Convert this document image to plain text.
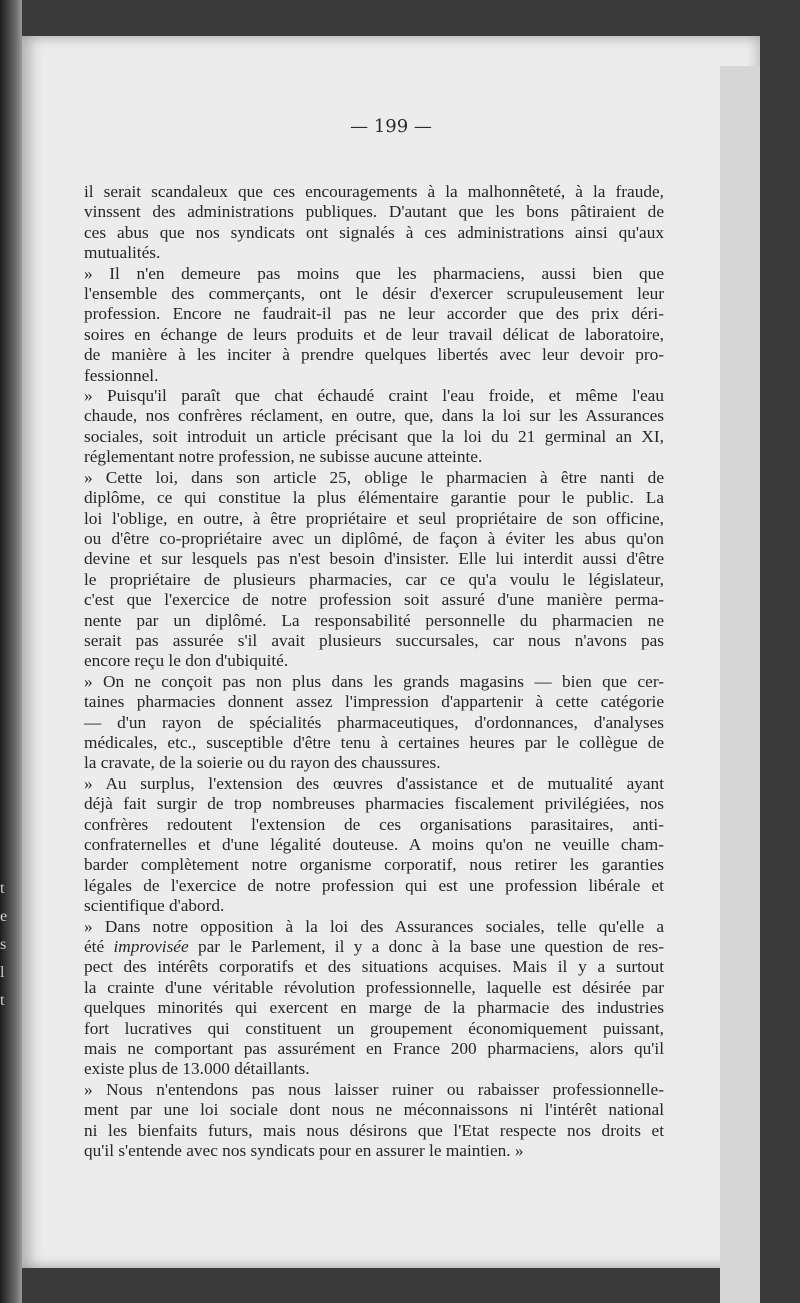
— 199 —

il serait scandaleux que ces encouragements à la malhonnêteté, à la fraude,
vinssent des administrations publiques. D'autant que les bons pâtiraient de
ces abus que nos syndicats ont signalés à ces administrations ainsi qu'aux
mutualités.
» Il n'en demeure pas moins que les pharmaciens, aussi bien que
l'ensemble des commerçants, ont le désir d'exercer scrupuleusement leur
profession. Encore ne faudrait-il pas ne leur accorder que des prix déri-
soires en échange de leurs produits et de leur travail délicat de laboratoire,
de manière à les inciter à prendre quelques libertés avec leur devoir pro-
fessionnel.
» Puisqu'il paraît que chat échaudé craint l'eau froide, et même l'eau
chaude, nos confrères réclament, en outre, que, dans la loi sur les Assurances
sociales, soit introduit un article précisant que la loi du 21 germinal an XI,
réglementant notre profession, ne subisse aucune atteinte.
» Cette loi, dans son article 25, oblige le pharmacien à être nanti de
diplôme, ce qui constitue la plus élémentaire garantie pour le public. La
loi l'oblige, en outre, à être propriétaire et seul propriétaire de son officine,
ou d'être co-propriétaire avec un diplômé, de façon à éviter les abus qu'on
devine et sur lesquels pas n'est besoin d'insister. Elle lui interdit aussi d'être
le propriétaire de plusieurs pharmacies, car ce qu'a voulu le législateur,
c'est que l'exercice de notre profession soit assuré d'une manière perma-
nente par un diplômé. La responsabilité personnelle du pharmacien ne
serait pas assurée s'il avait plusieurs succursales, car nous n'avons pas
encore reçu le don d'ubiquité.
» On ne conçoit pas non plus dans les grands magasins — bien que cer-
taines pharmacies donnent assez l'impression d'appartenir à cette catégorie
— d'un rayon de spécialités pharmaceutiques, d'ordonnances, d'analyses
médicales, etc., susceptible d'être tenu à certaines heures par le collègue de
la cravate, de la soierie ou du rayon des chaussures.
» Au surplus, l'extension des œuvres d'assistance et de mutualité ayant
déjà fait surgir de trop nombreuses pharmacies fiscalement privilégiées, nos
confrères redoutent l'extension de ces organisations parasitaires, anti-
confraternelles et d'une légalité douteuse. A moins qu'on ne veuille cham-
barder complètement notre organisme corporatif, nous retirer les garanties
légales de l'exercice de notre profession qui est une profession libérale et
scientifique d'abord.
» Dans notre opposition à la loi des Assurances sociales, telle qu'elle a
été improvisée par le Parlement, il y a donc à la base une question de res-
pect des intérêts corporatifs et des situations acquises. Mais il y a surtout
la crainte d'une véritable révolution professionnelle, laquelle est désirée par
quelques minorités qui exercent en marge de la pharmacie des industries
fort lucratives qui constituent un groupement économiquement puissant,
mais ne comportant pas assurément en France 200 pharmaciens, alors qu'il
existe plus de 13.000 détaillants.
» Nous n'entendons pas nous laisser ruiner ou rabaisser professionnelle-
ment par une loi sociale dont nous ne méconnaissons ni l'intérêt national
ni les bienfaits futurs, mais nous désirons que l'Etat respecte nos droits et
qu'il s'entende avec nos syndicats pour en assurer le maintien. »
t
e
s
l
t
